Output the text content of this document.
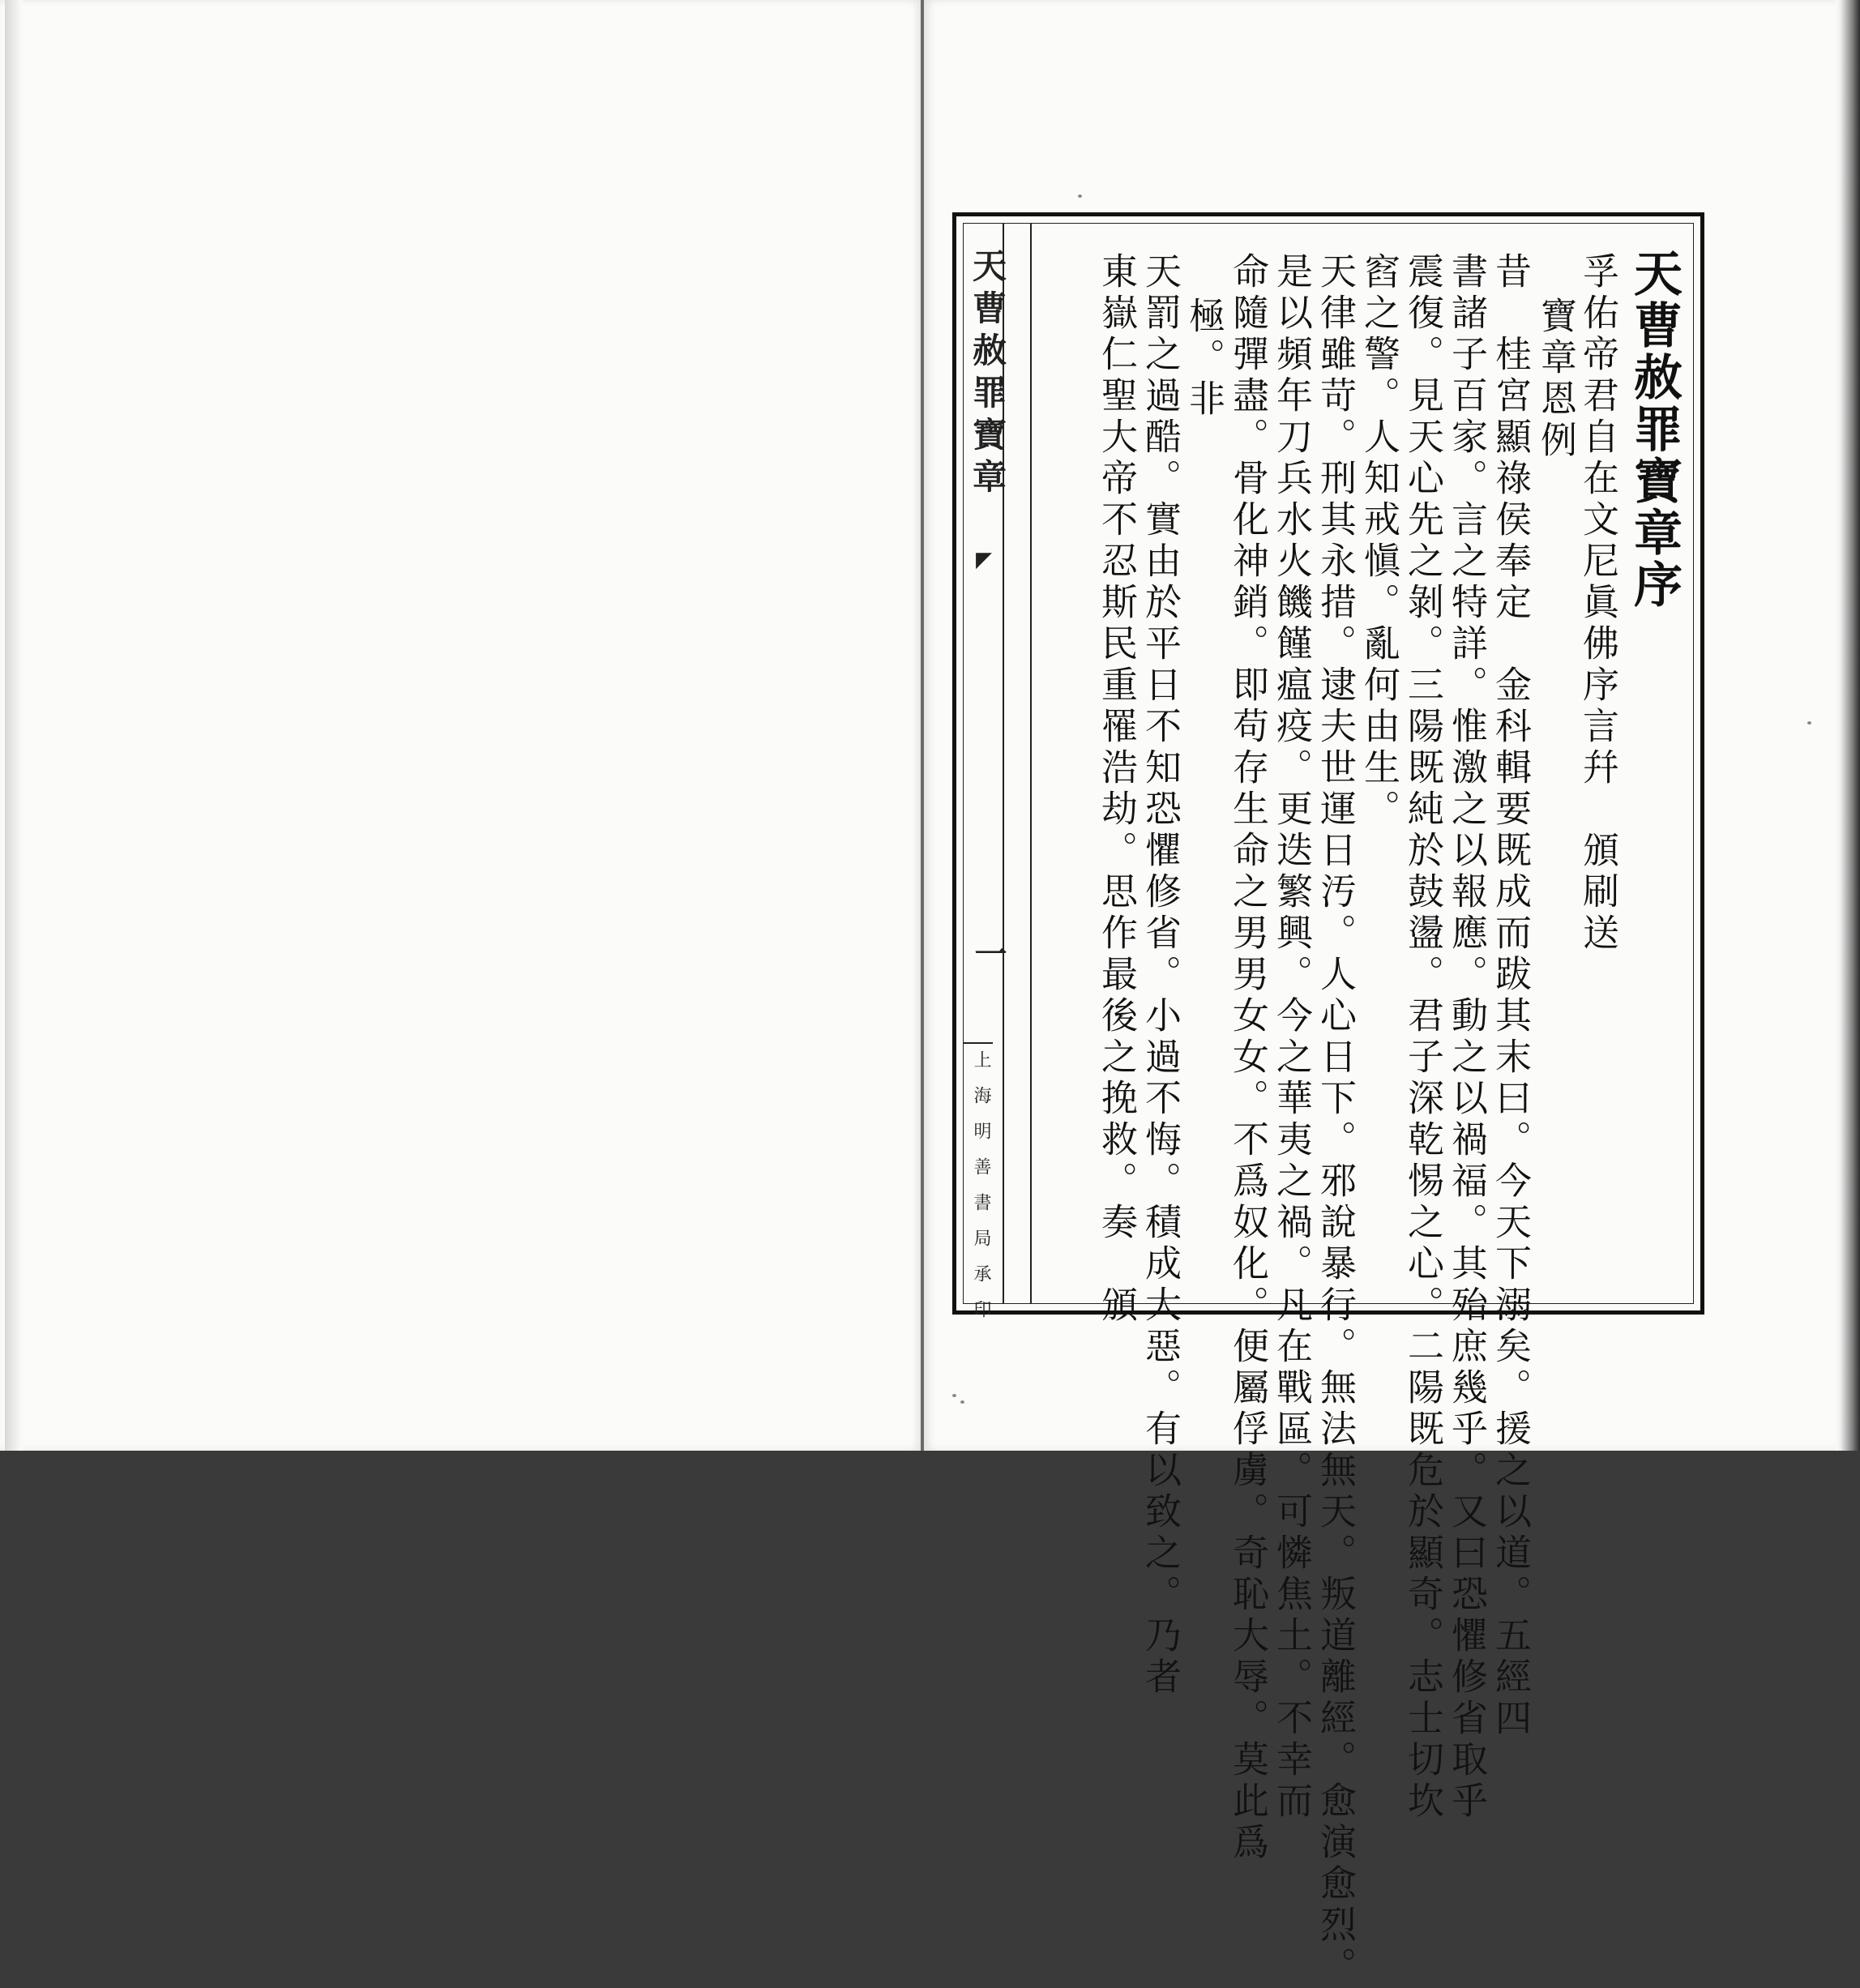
天曹赦罪寶章
◤
一
上海明善書局承印
天曹赦罪寶章序
孚佑帝君自在文尼眞佛序言幷　頒刷送
寶章恩例
昔　桂宮顯祿侯奉定　金科輯要既成而跋其末曰。今天下溺矣。援之以道。五經四
書諸子百家。言之特詳。惟激之以報應。動之以禍福。其殆庶幾乎。又曰恐懼修省取乎
震復。見天心先之剝。三陽既純於鼓盪。君子深乾惕之心。二陽既危於顯奇。志士切坎
窞之警。人知戒愼。亂何由生。
天律雖苛。刑其永措。逮夫世運日汚。人心日下。邪說暴行。無法無天。叛道離經。愈演愈烈。
是以頻年刀兵水火饑饉瘟疫。更迭繁興。今之華夷之禍。凡在戰區。可憐焦土。不幸而
命隨彈盡。骨化神銷。即苟存生命之男男女女。不爲奴化。便屬俘虜。奇恥大辱。莫此爲
極。非
天罰之過酷。實由於平日不知恐懼修省。小過不悔。積成大惡。有以致之。乃者
東嶽仁聖大帝不忍斯民重罹浩劫。思作最後之挽救。奏　頒
